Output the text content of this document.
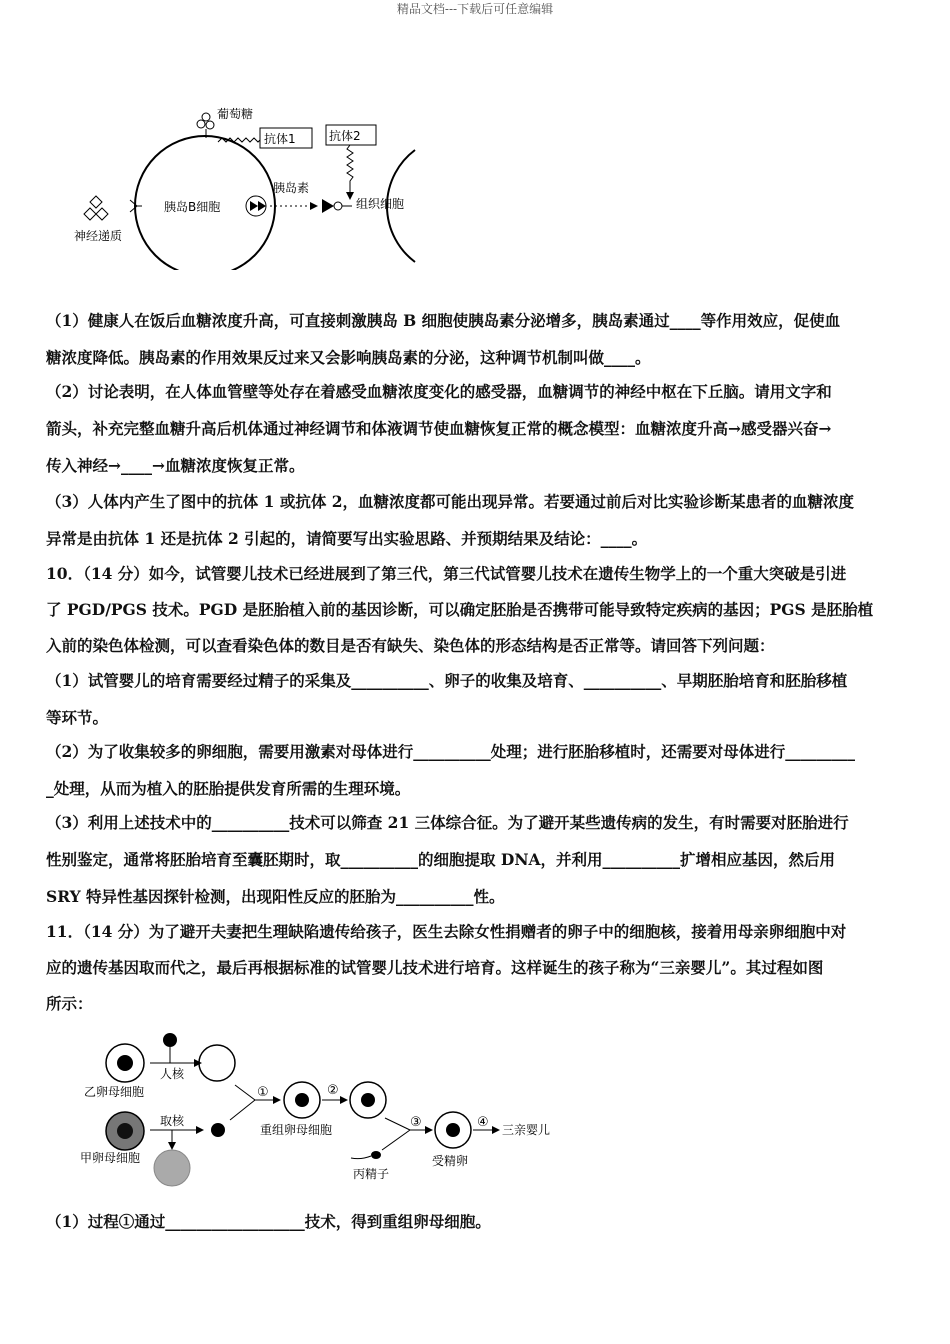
精品文档---下载后可任意编辑
葡萄糖
抗体1	抗体2
胰岛素
神经递质
胰岛B细胞	组织细胞
（1）健康人在饭后血糖浓度升高，可直接刺激胰岛 B 细胞使胰岛素分泌增多，胰岛素通过____等作用效应，促使血
糖浓度降低。胰岛素的作用效果反过来又会影响胰岛素的分泌，这种调节机制叫做____。
（2）讨论表明，在人体血管壁等处存在着感受血糖浓度变化的感受器，血糖调节的神经中枢在下丘脑。请用文字和
箭头，补充完整血糖升高后机体通过神经调节和体液调节使血糖恢复正常的概念模型：血糖浓度升高→感受器兴奋→
传入神经→____→血糖浓度恢复正常。
（3）人体内产生了图中的抗体 1 或抗体 2，血糖浓度都可能出现异常。若要通过前后对比实验诊断某患者的血糖浓度
异常是由抗体 1 还是抗体 2 引起的，请简要写出实验思路、并预期结果及结论：____。
10．（14 分）如今，试管婴儿技术已经进展到了第三代，第三代试管婴儿技术在遗传生物学上的一个重大突破是引进
了 PGD/PGS 技术。PGD 是胚胎植入前的基因诊断，可以确定胚胎是否携带可能导致特定疾病的基因；PGS 是胚胎植
入前的染色体检测，可以查看染色体的数目是否有缺失、染色体的形态结构是否正常等。请回答下列问题：
（1）试管婴儿的培育需要经过精子的采集及__________、卵子的收集及培育、__________、早期胚胎培育和胚胎移植
等环节。
（2）为了收集较多的卵细胞，需要用激素对母体进行__________处理；进行胚胎移植时，还需要对母体进行_________
_处理，从而为植入的胚胎提供发育所需的生理环境。
（3）利用上述技术中的__________技术可以筛查 21 三体综合征。为了避开某些遗传病的发生，有时需要对胚胎进行
性别鉴定，通常将胚胎培育至囊胚期时，取__________的细胞提取 DNA，并利用__________扩增相应基因，然后用
SRY 特异性基因探针检测，出现阳性反应的胚胎为__________性。
11．（14 分）为了避开夫妻把生理缺陷遗传给孩子，医生去除女性捐赠者的卵子中的细胞核，接着用母亲卵细胞中对
应的遗传基因取而代之，最后再根据标准的试管婴儿技术进行培育。这样诞生的孩子称为“三亲婴儿”。其过程如图
所示：
乙卵母细胞
人核
甲卵母细胞
取核
①
重组卵母细胞
②
丙精子
③
受精卵
④ 三亲婴儿
（1）过程①通过__________________技术，得到重组卵母细胞。
